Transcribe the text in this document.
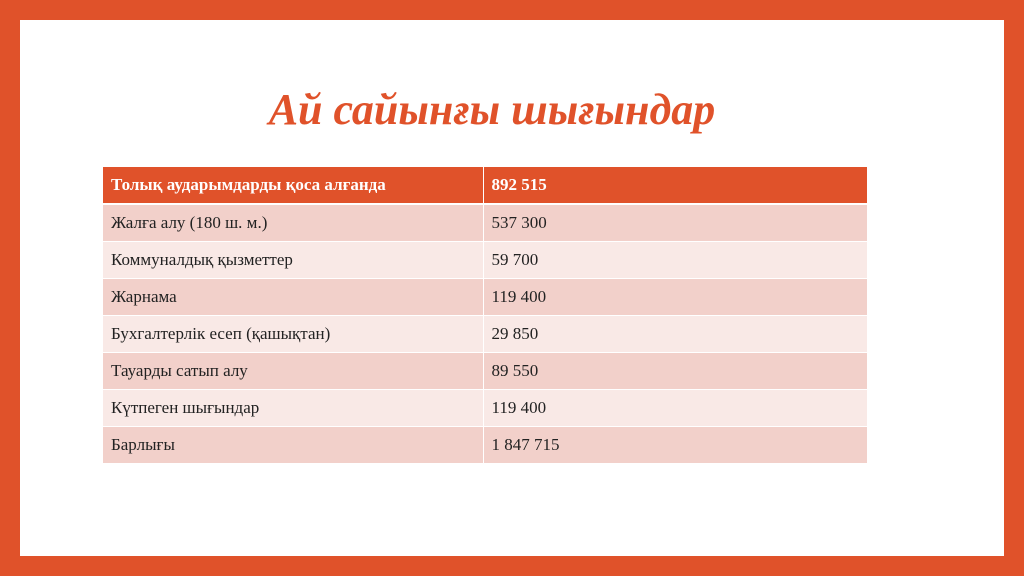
Ай сайынғы шығындар
Толық аударымдарды қоса алғанда	892 515
Жалға алу (180 ш. м.)	537 300
Коммуналдық қызметтер	59 700
Жарнама	119 400
Бухгалтерлік есеп (қашықтан)	29 850
Тауарды сатып алу	89 550
Күтпеген шығындар	119 400
Барлығы	1 847 715
